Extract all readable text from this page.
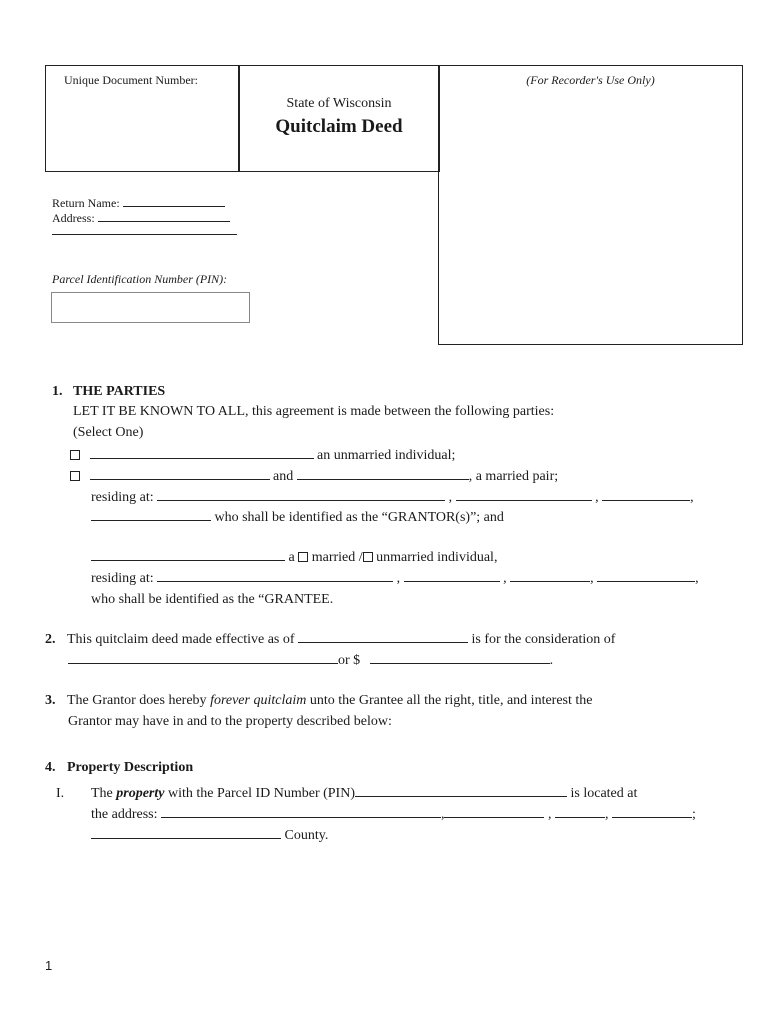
Unique Document Number:
State of Wisconsin
Quitclaim Deed
(For Recorder's Use Only)
Return Name:
Address:
Parcel Identification Number (PIN):
1. THE PARTIES
LET IT BE KNOWN TO ALL, this agreement is made between the following parties:
(Select One)
an unmarried individual;
and	, a married pair;
residing at:	,	,	,
who shall be identified as the “GRANTOR(s)”; and
a married / unmarried individual,
residing at:	,	,	,	,
who shall be identified as the “GRANTEE.
2. This quitclaim deed made effective as of	is for the consideration of
or $	.
3. The Grantor does hereby forever quitclaim unto the Grantee all the right, title, and interest the
Grantor may have in and to the property described below:
4. Property Description
I. The property with the Parcel ID Number (PIN)	is located at
the address:	,	,	,	;
County.
1
